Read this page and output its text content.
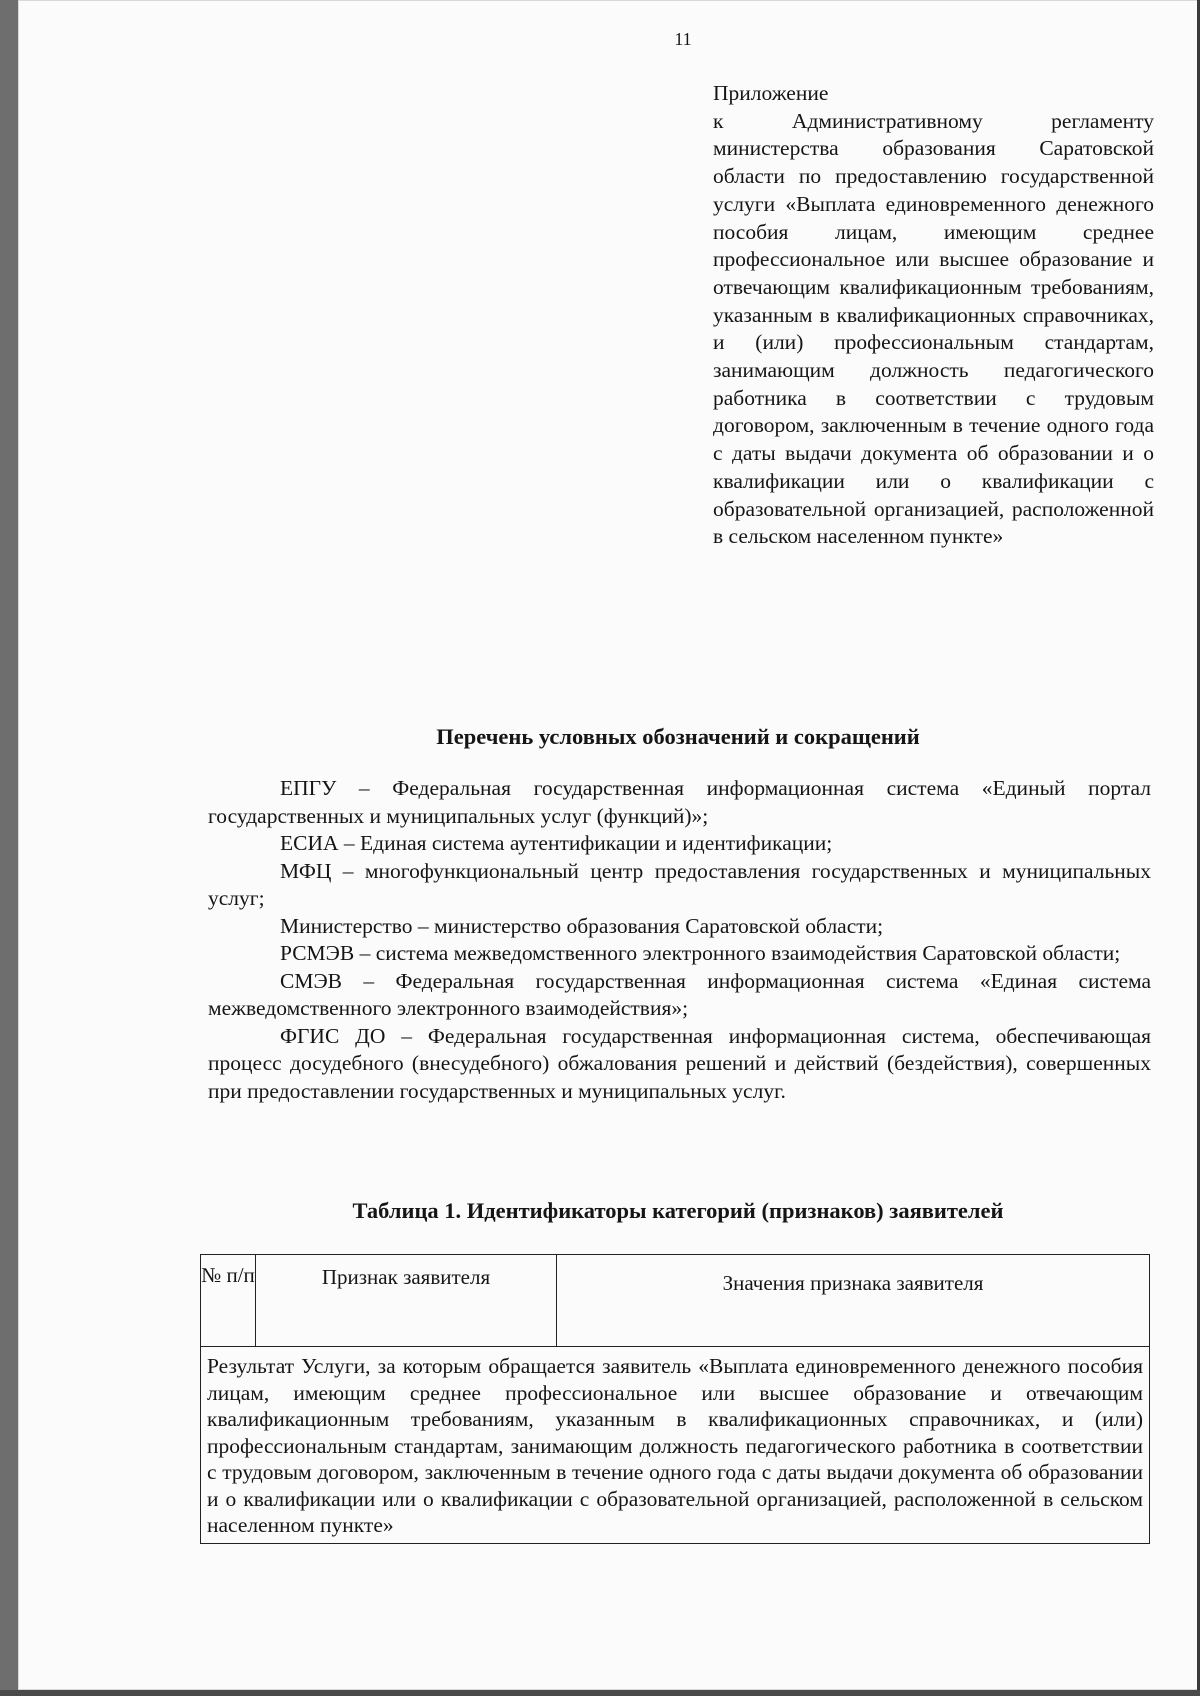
11
Приложение
к Административному регламенту министерства образования Саратовской области по предоставлению государственной услуги «Выплата единовременного денежного пособия лицам, имеющим среднее профессиональное или высшее образование и отвечающим квалификационным требованиям, указанным в квалификационных справочниках, и (или) профессиональным стандартам, занимающим должность педагогического работника в соответствии с трудовым договором, заключенным в течение одного года с даты выдачи документа об образовании и о квалификации или о квалификации с образовательной организацией, расположенной в сельском населенном пункте»
Перечень условных обозначений и сокращений

ЕПГУ – Федеральная государственная информационная система «Единый портал государственных и муниципальных услуг (функций)»;

ЕСИА – Единая система аутентификации и идентификации;

МФЦ – многофункциональный центр предоставления государственных и муниципальных услуг;

Министерство – министерство образования Саратовской области;

РСМЭВ – система межведомственного электронного взаимодействия Саратовской области;

СМЭВ – Федеральная государственная информационная система «Единая система межведомственного электронного взаимодействия»;

ФГИС ДО – Федеральная государственная информационная система, обеспечивающая процесс досудебного (внесудебного) обжалования решений и действий (бездействия), совершенных при предоставлении государственных и муниципальных услуг.

Таблица 1. Идентификаторы категорий (признаков) заявителей
№ п/п	Признак заявителя	Значения признака заявителя
Результат Услуги, за которым обращается заявитель «Выплата единовременного денежного пособия лицам, имеющим среднее профессиональное или высшее образование и отвечающим квалификационным требованиям, указанным в квалификационных справочниках, и (или) профессиональным стандартам, занимающим должность педагогического работника в соответствии с трудовым договором, заключенным в течение одного года с даты выдачи документа об образовании и о квалификации или о квалификации с образовательной организацией, расположенной в сельском населенном пункте»
